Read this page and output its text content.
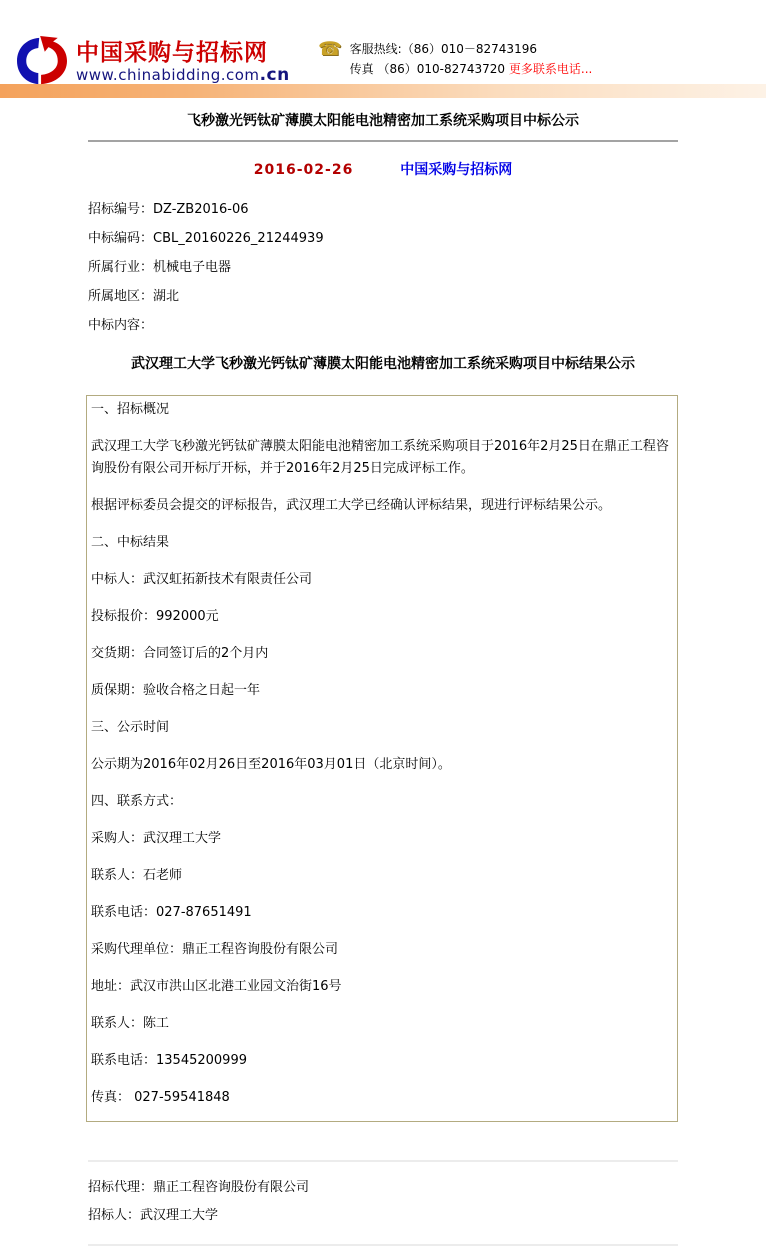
中国采购与招标网
www.chinabidding.com.cn
☎ 客服热线:（86）010－82743196
传真 （86）010-82743720 更多联系电话...
飞秒激光钙钛矿薄膜太阳能电池精密加工系统采购项目中标公示
2016-02-26	中国采购与招标网
招标编号：DZ-ZB2016-06
中标编码：CBL_20160226_21244939
所属行业：机械电子电器
所属地区：湖北
中标内容：
武汉理工大学飞秒激光钙钛矿薄膜太阳能电池精密加工系统采购项目中标结果公示

一、招标概况

武汉理工大学飞秒激光钙钛矿薄膜太阳能电池精密加工系统采购项目于2016年2月25日在鼎正工程咨询股份有限公司开标厅开标，并于2016年2月25日完成评标工作。

根据评标委员会提交的评标报告，武汉理工大学已经确认评标结果，现进行评标结果公示。

二、中标结果

中标人：武汉虹拓新技术有限责任公司

投标报价：992000元

交货期：合同签订后的2个月内

质保期：验收合格之日起一年

三、公示时间

公示期为2016年02月26日至2016年03月01日（北京时间）。

四、联系方式：

采购人：武汉理工大学

联系人：石老师

联系电话：027-87651491

采购代理单位：鼎正工程咨询股份有限公司

地址：武汉市洪山区北港工业园文治街16号

联系人：陈工

联系电话：13545200999

传真： 027-59541848

招标代理：鼎正工程咨询股份有限公司
招标人：武汉理工大学
